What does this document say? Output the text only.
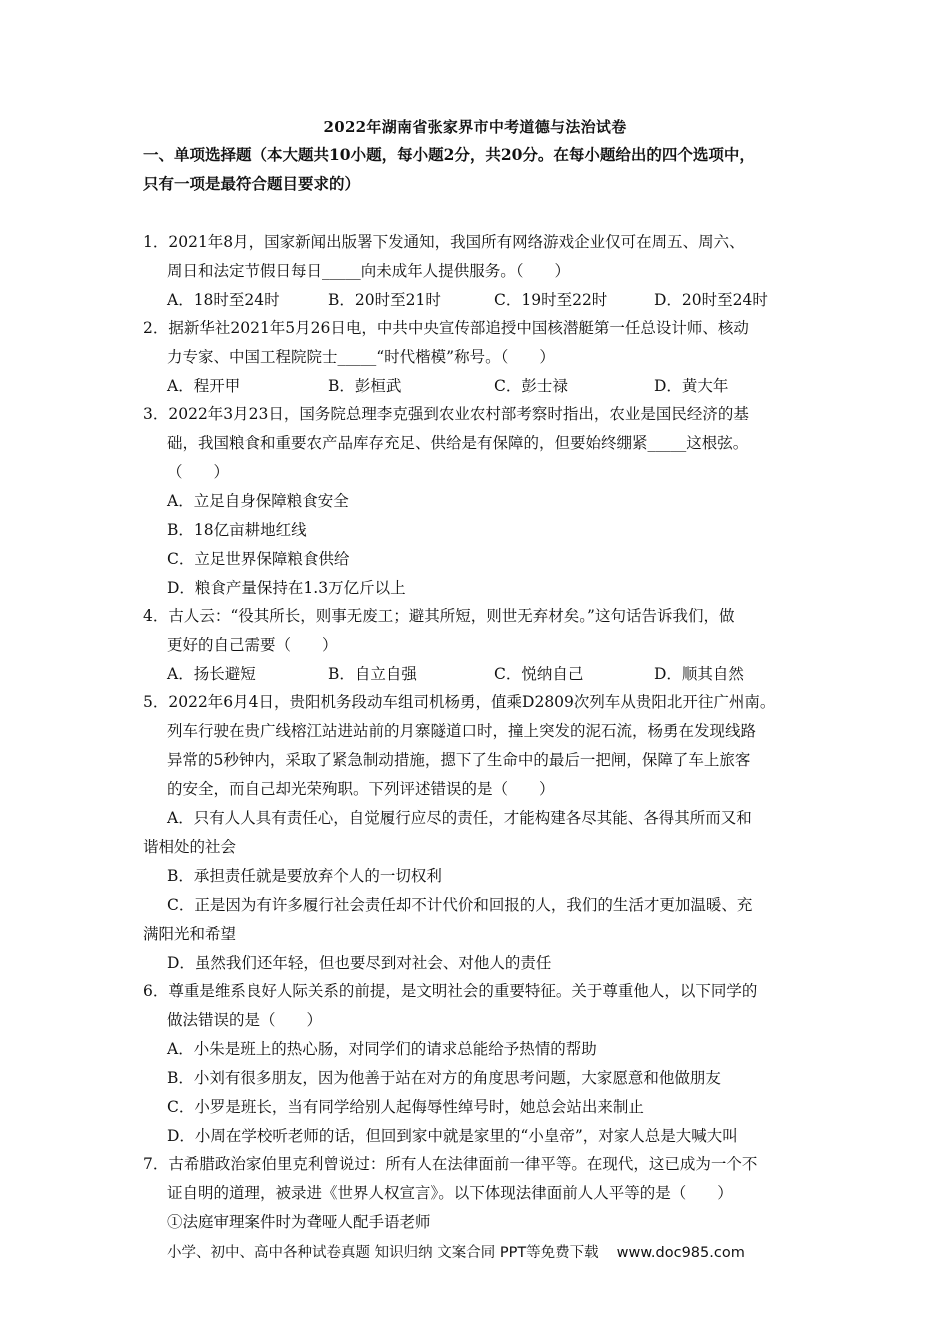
2022年湖南省张家界市中考道德与法治试卷
一、单项选择题（本大题共10小题，每小题2分，共20分。在每小题给出的四个选项中，
只有一项是最符合题目要求的）
1．2021年8月，国家新闻出版署下发通知，我国所有网络游戏企业仅可在周五、周六、
周日和法定节假日每日_____向未成年人提供服务。（　　）
A．18时至24时	B．20时至21时	C．19时至22时	D．20时至24时
2．据新华社2021年5月26日电，中共中央宣传部追授中国核潜艇第一任总设计师、核动
力专家、中国工程院院士_____“时代楷模”称号。（　　）
A．程开甲	B．彭桓武	C．彭士禄	D．黄大年
3．2022年3月23日，国务院总理李克强到农业农村部考察时指出，农业是国民经济的基
础，我国粮食和重要农产品库存充足、供给是有保障的，但要始终绷紧_____这根弦。
（　　）
A．立足自身保障粮食安全
B．18亿亩耕地红线
C．立足世界保障粮食供给
D．粮食产量保持在1.3万亿斤以上
4．古人云：“役其所长，则事无废工；避其所短，则世无弃材矣。”这句话告诉我们，做
更好的自己需要（　　）
A．扬长避短	B．自立自强	C．悦纳自己	D．顺其自然
5．2022年6月4日，贵阳机务段动车组司机杨勇，值乘D2809次列车从贵阳北开往广州南。
列车行驶在贵广线榕江站进站前的月寨隧道口时，撞上突发的泥石流，杨勇在发现线路
异常的5秒钟内，采取了紧急制动措施，摁下了生命中的最后一把闸，保障了车上旅客
的安全，而自己却光荣殉职。下列评述错误的是（　　）
A．只有人人具有责任心，自觉履行应尽的责任，才能构建各尽其能、各得其所而又和
谐相处的社会
B．承担责任就是要放弃个人的一切权利
C．正是因为有许多履行社会责任却不计代价和回报的人，我们的生活才更加温暖、充
满阳光和希望
D．虽然我们还年轻，但也要尽到对社会、对他人的责任
6．尊重是维系良好人际关系的前提，是文明社会的重要特征。关于尊重他人，以下同学的
做法错误的是（　　）
A．小朱是班上的热心肠，对同学们的请求总能给予热情的帮助
B．小刘有很多朋友，因为他善于站在对方的角度思考问题，大家愿意和他做朋友
C．小罗是班长，当有同学给别人起侮辱性绰号时，她总会站出来制止
D．小周在学校听老师的话，但回到家中就是家里的“小皇帝”，对家人总是大喊大叫
7．古希腊政治家伯里克利曾说过：所有人在法律面前一律平等。在现代，这已成为一个不
证自明的道理，被录进《世界人权宣言》。以下体现法律面前人人平等的是（　　）
小学、初中、高中各种试卷真题 知识归纳 文案合同 PPT等免费下载 www.doc985.com
①法庭审理案件时为聋哑人配手语老师
